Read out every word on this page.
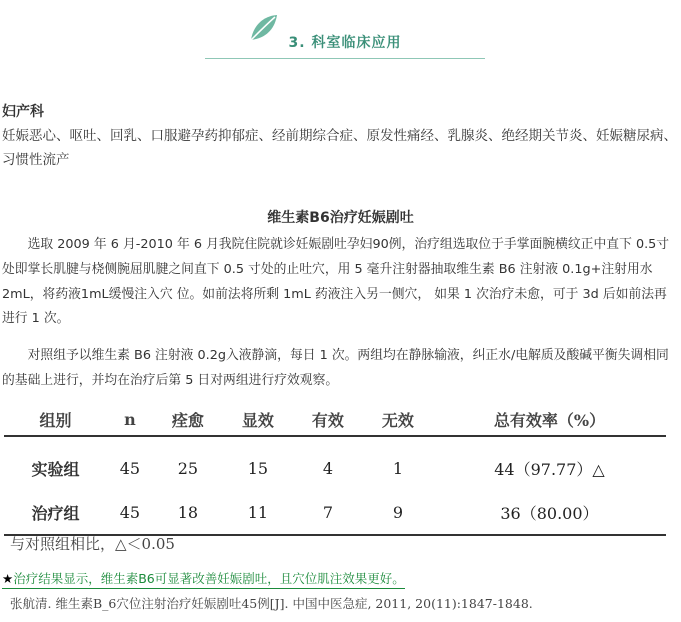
3. 科室临床应用
妇产科
妊娠恶心、呕吐、回乳、口服避孕药抑郁症、经前期综合症、原发性痛经、乳腺炎、绝经期关节炎、妊娠糖尿病、习惯性流产
维生素B6治疗妊娠剧吐
选取 2009 年 6 月-2010 年 6 月我院住院就诊妊娠剧吐孕妇90例，治疗组选取位于手掌面腕横纹正中直下 0.5寸处即掌长肌腱与桡侧腕屈肌腱之间直下 0.5 寸处的止吐穴，用 5 毫升注射器抽取维生素 B6 注射液 0.1g+注射用水 2mL，将药液1mL缓慢注入穴 位。如前法将所剩 1mL 药液注入另一侧穴， 如果 1 次治疗未愈，可于 3d 后如前法再进行 1 次。
对照组予以维生素 B6 注射液 0.2g入液静滴，每日 1 次。两组均在静脉输液，纠正水/电解质及酸碱平衡失调相同的基础上进行，并均在治疗后第 5 日对两组进行疗效观察。
组别	n	痊愈	显效	有效	无效	总有效率（%）
实验组	45	25	15	4	1	44（97.77）△
治疗组	45	18	11	7	9	36（80.00）
与对照组相比，△＜0.05
★治疗结果显示，维生素B6可显著改善妊娠剧吐，且穴位肌注效果更好。
张航清. 维生素B_6穴位注射治疗妊娠剧吐45例[J]. 中国中医急症, 2011, 20(11):1847-1848.
